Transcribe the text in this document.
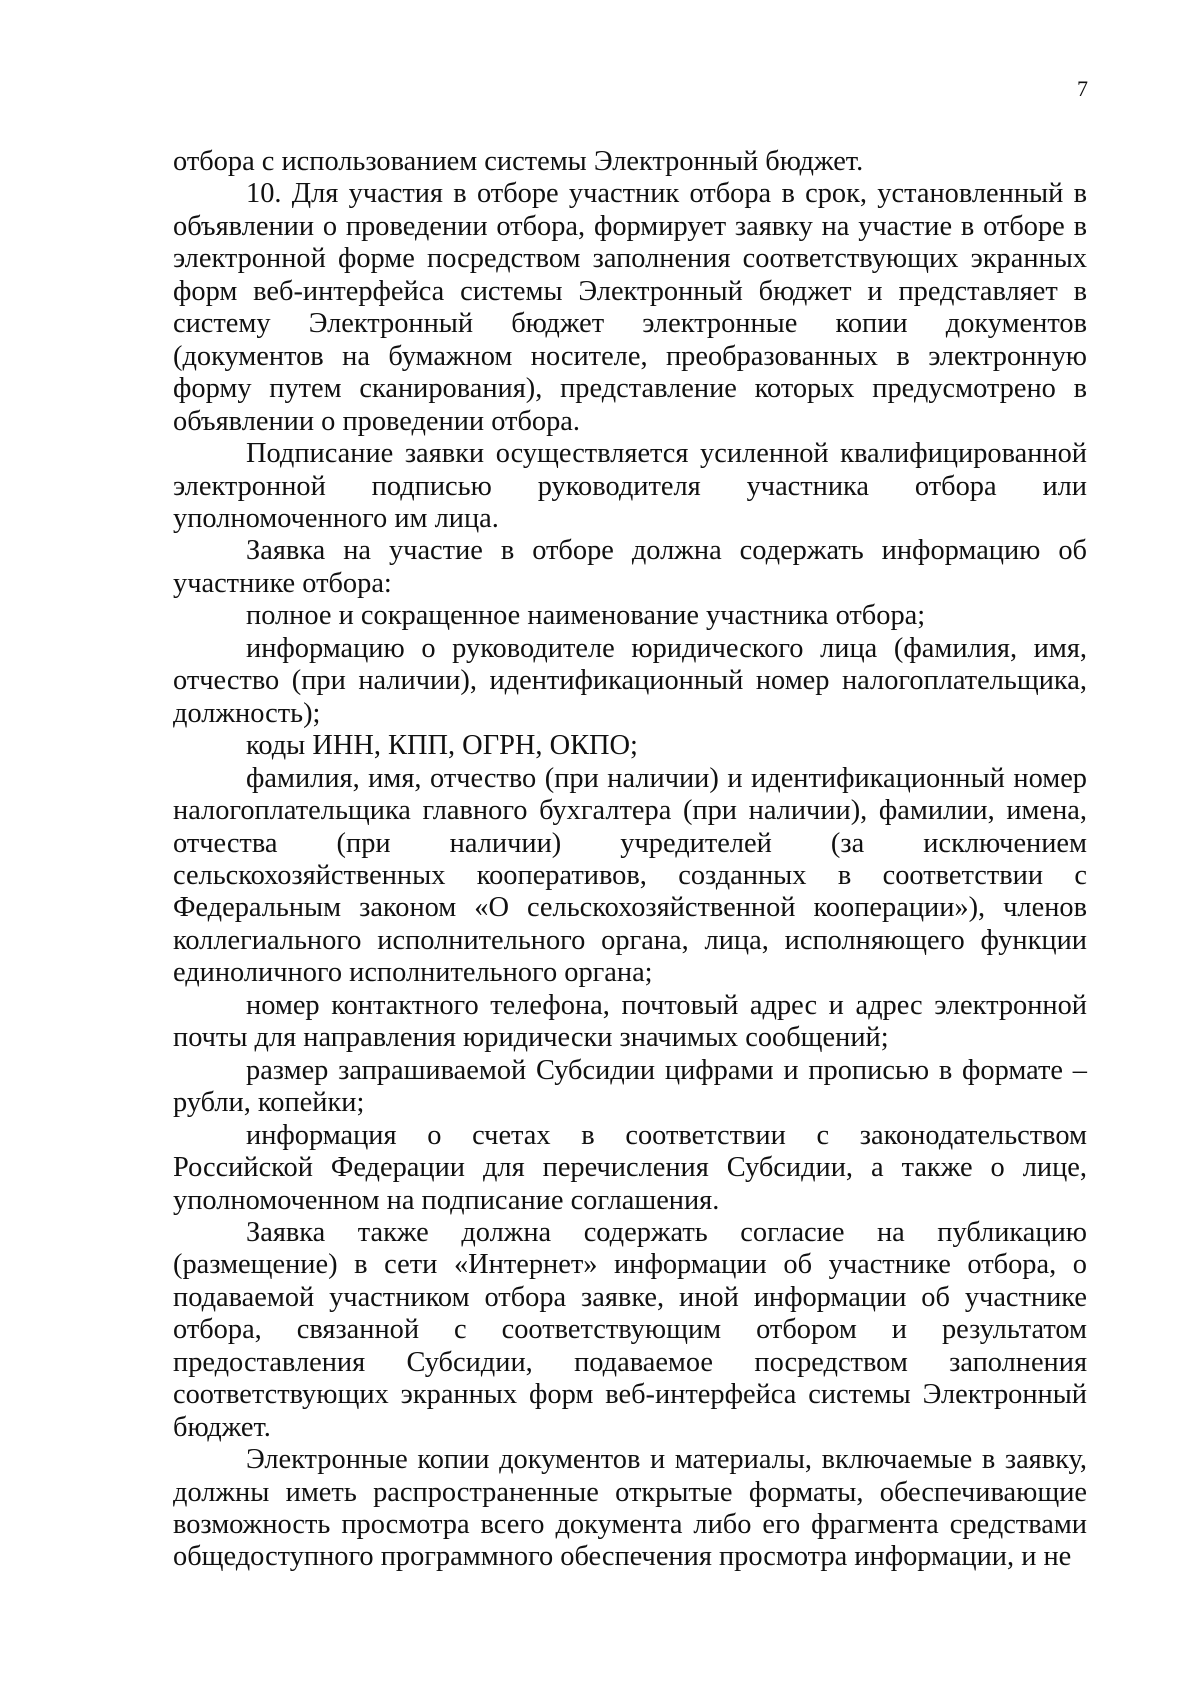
7

отбора с использованием системы Электронный бюджет.

10. Для участия в отборе участник отбора в срок, установленный в объявлении о проведении отбора, формирует заявку на участие в отборе в электронной форме посредством заполнения соответствующих экранных форм веб-интерфейса системы Электронный бюджет и представляет в систему Электронный бюджет электронные копии документов (документов на бумажном носителе, преобразованных в электронную форму путем сканирования), представление которых предусмотрено в объявлении о проведении отбора.

Подписание заявки осуществляется усиленной квалифицированной электронной подписью руководителя участника отбора или уполномоченного им лица.

Заявка на участие в отборе должна содержать информацию об участнике отбора:

полное и сокращенное наименование участника отбора;

информацию о руководителе юридического лица (фамилия, имя, отчество (при наличии), идентификационный номер налогоплательщика, должность);

коды ИНН, КПП, ОГРН, ОКПО;

фамилия, имя, отчество (при наличии) и идентификационный номер налогоплательщика главного бухгалтера (при наличии), фамилии, имена, отчества (при наличии) учредителей (за исключением сельскохозяйственных кооперативов, созданных в соответствии с Федеральным законом «О сельскохозяйственной кооперации»), членов коллегиального исполнительного органа, лица, исполняющего функции единоличного исполнительного органа;

номер контактного телефона, почтовый адрес и адрес электронной почты для направления юридически значимых сообщений;

размер запрашиваемой Субсидии цифрами и прописью в формате – рубли, копейки;

информация о счетах в соответствии с законодательством Российской Федерации для перечисления Субсидии, а также о лице, уполномоченном на подписание соглашения.

Заявка также должна содержать согласие на публикацию (размещение) в сети «Интернет» информации об участнике отбора, о подаваемой участником отбора заявке, иной информации об участнике отбора, связанной с соответствующим отбором и результатом предоставления Субсидии, подаваемое посредством заполнения соответствующих экранных форм веб-интерфейса системы Электронный бюджет.

Электронные копии документов и материалы, включаемые в заявку, должны иметь распространенные открытые форматы, обеспечивающие возможность просмотра всего документа либо его фрагмента средствами общедоступного программного обеспечения просмотра информации, и не
